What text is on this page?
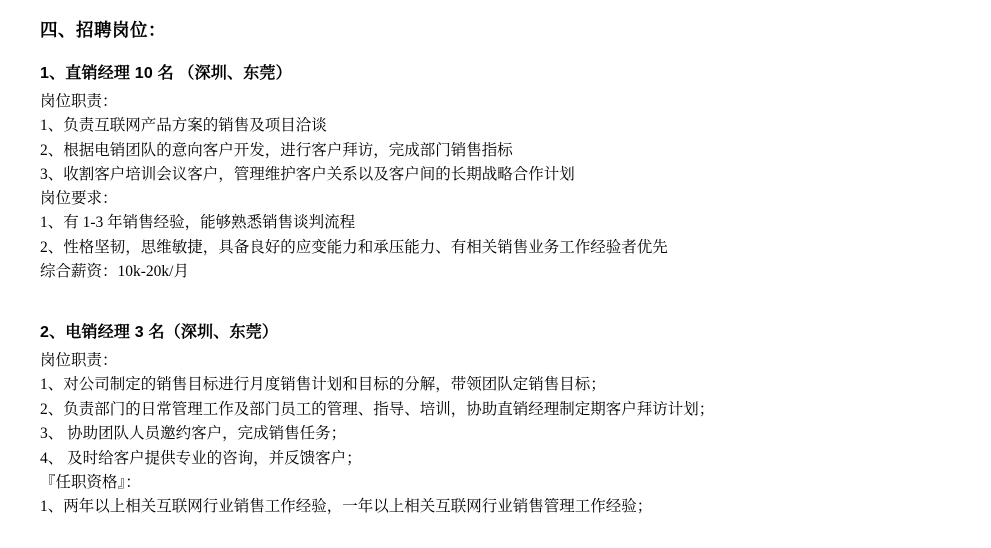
四、招聘岗位：
1、直销经理 10 名 （深圳、东莞）
岗位职责：
1、负责互联网产品方案的销售及项目洽谈
2、根据电销团队的意向客户开发，进行客户拜访，完成部门销售指标
3、收割客户培训会议客户，管理维护客户关系以及客户间的长期战略合作计划
岗位要求：
1、有 1-3 年销售经验，能够熟悉销售谈判流程
2、性格坚韧，思维敏捷，具备良好的应变能力和承压能力、有相关销售业务工作经验者优先
综合薪资：10k-20k/月
2、电销经理 3 名（深圳、东莞）
岗位职责：
1、对公司制定的销售目标进行月度销售计划和目标的分解，带领团队定销售目标；
2、负责部门的日常管理工作及部门员工的管理、指导、培训，协助直销经理制定期客户拜访计划；
3、 协助团队人员邀约客户，完成销售任务；
4、 及时给客户提供专业的咨询，并反馈客户；
『任职资格』：
1、两年以上相关互联网行业销售工作经验，一年以上相关互联网行业销售管理工作经验；
